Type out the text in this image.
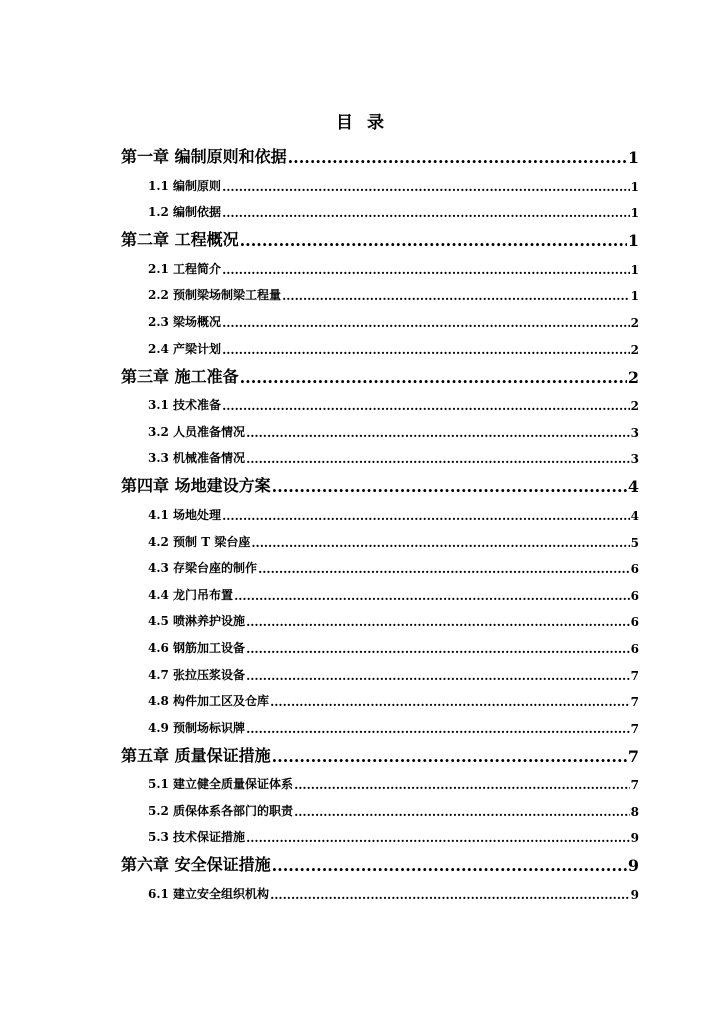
目 录
第一章 编制原则和依据 .....	1
1.1 编制原则 .....	1
1.2 编制依据 .....	1
第二章 工程概况 .....	1
2.1 工程简介 .....	1
2.2 预制梁场制梁工程量 .....	1
2.3 梁场概况 .....	2
2.4 产梁计划 .....	2
第三章 施工准备 .....	2
3.1 技术准备 .....	2
3.2 人员准备情况 .....	3
3.3 机械准备情况 .....	3
第四章 场地建设方案 .....	4
4.1 场地处理 .....	4
4.2 预制 T 梁台座 .....	5
4.3 存梁台座的制作 .....	6
4.4 龙门吊布置 .....	6
4.5 喷淋养护设施 .....	6
4.6 钢筋加工设备 .....	6
4.7 张拉压浆设备 .....	7
4.8 构件加工区及仓库 .....	7
4.9 预制场标识牌 .....	7
第五章 质量保证措施 .....	7
5.1 建立健全质量保证体系 .....	7
5.2 质保体系各部门的职责 .....	8
5.3 技术保证措施 .....	9
第六章 安全保证措施 .....	9
6.1 建立安全组织机构 .....	9
